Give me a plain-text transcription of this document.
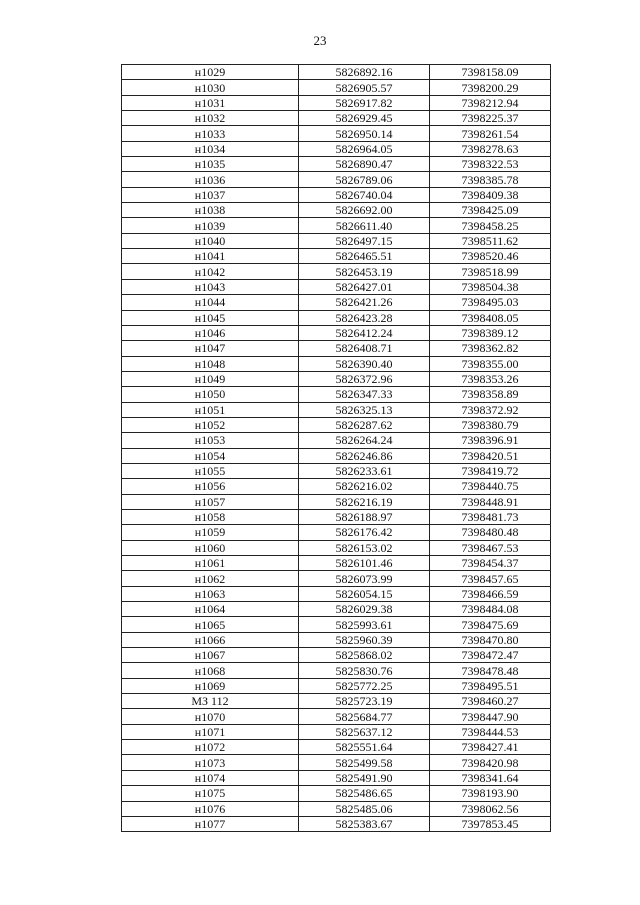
23
н1029	5826892.16	7398158.09
н1030	5826905.57	7398200.29
н1031	5826917.82	7398212.94
н1032	5826929.45	7398225.37
н1033	5826950.14	7398261.54
н1034	5826964.05	7398278.63
н1035	5826890.47	7398322.53
н1036	5826789.06	7398385.78
н1037	5826740.04	7398409.38
н1038	5826692.00	7398425.09
н1039	5826611.40	7398458.25
н1040	5826497.15	7398511.62
н1041	5826465.51	7398520.46
н1042	5826453.19	7398518.99
н1043	5826427.01	7398504.38
н1044	5826421.26	7398495.03
н1045	5826423.28	7398408.05
н1046	5826412.24	7398389.12
н1047	5826408.71	7398362.82
н1048	5826390.40	7398355.00
н1049	5826372.96	7398353.26
н1050	5826347.33	7398358.89
н1051	5826325.13	7398372.92
н1052	5826287.62	7398380.79
н1053	5826264.24	7398396.91
н1054	5826246.86	7398420.51
н1055	5826233.61	7398419.72
н1056	5826216.02	7398440.75
н1057	5826216.19	7398448.91
н1058	5826188.97	7398481.73
н1059	5826176.42	7398480.48
н1060	5826153.02	7398467.53
н1061	5826101.46	7398454.37
н1062	5826073.99	7398457.65
н1063	5826054.15	7398466.59
н1064	5826029.38	7398484.08
н1065	5825993.61	7398475.69
н1066	5825960.39	7398470.80
н1067	5825868.02	7398472.47
н1068	5825830.76	7398478.48
н1069	5825772.25	7398495.51
МЗ 112	5825723.19	7398460.27
н1070	5825684.77	7398447.90
н1071	5825637.12	7398444.53
н1072	5825551.64	7398427.41
н1073	5825499.58	7398420.98
н1074	5825491.90	7398341.64
н1075	5825486.65	7398193.90
н1076	5825485.06	7398062.56
н1077	5825383.67	7397853.45
